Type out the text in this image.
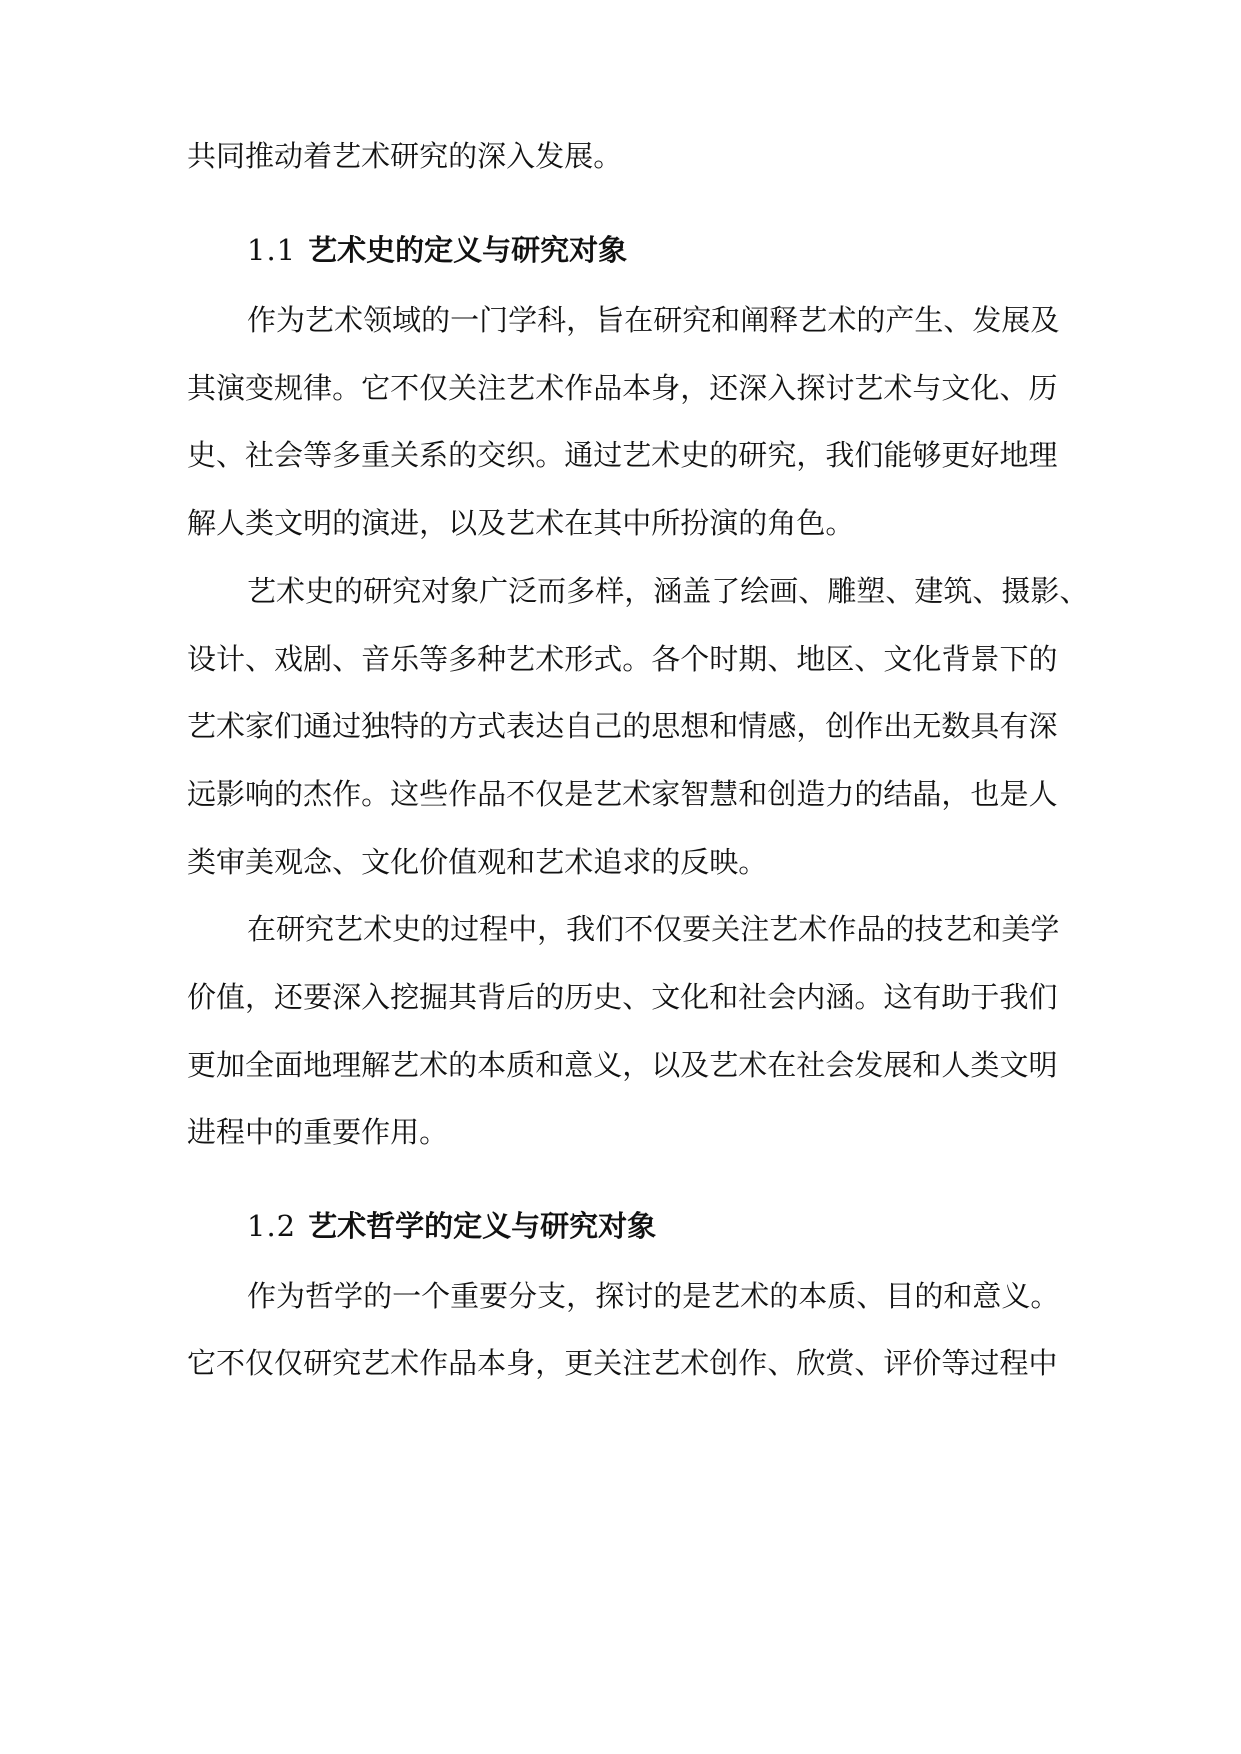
共 同 推 动 着 艺 术 研 究 的 深 入 发 展 。

1.1 艺术史的定义与研究对象

作 为 艺 术 领 域 的 一 门 学 科 ， 旨 在 研 究 和 阐 释 艺 术 的 产 生 、 发 展 及

其 演 变 规 律 。 它 不 仅 关 注 艺 术 作 品 本 身 ， 还 深 入 探 讨 艺 术 与 文 化 、 历

史 、 社 会 等 多 重 关 系 的 交 织 。 通 过 艺 术 史 的 研 究 ， 我 们 能 够 更 好 地 理

解 人 类 文 明 的 演 进 ， 以 及 艺 术 在 其 中 所 扮 演 的 角 色 。

艺 术 史 的 研 究 对 象 广 泛 而 多 样 ， 涵 盖 了 绘 画 、 雕 塑 、 建 筑 、 摄 影 、

设 计 、 戏 剧 、 音 乐 等 多 种 艺 术 形 式 。 各 个 时 期 、 地 区 、 文 化 背 景 下 的

艺 术 家 们 通 过 独 特 的 方 式 表 达 自 己 的 思 想 和 情 感 ， 创 作 出 无 数 具 有 深

远 影 响 的 杰 作 。 这 些 作 品 不 仅 是 艺 术 家 智 慧 和 创 造 力 的 结 晶 ， 也 是 人

类 审 美 观 念 、 文 化 价 值 观 和 艺 术 追 求 的 反 映 。

在 研 究 艺 术 史 的 过 程 中 ， 我 们 不 仅 要 关 注 艺 术 作 品 的 技 艺 和 美 学

价 值 ， 还 要 深 入 挖 掘 其 背 后 的 历 史 、 文 化 和 社 会 内 涵 。 这 有 助 于 我 们

更 加 全 面 地 理 解 艺 术 的 本 质 和 意 义 ， 以 及 艺 术 在 社 会 发 展 和 人 类 文 明

进 程 中 的 重 要 作 用 。

1.2 艺术哲学的定义与研究对象

作 为 哲 学 的 一 个 重 要 分 支 ， 探 讨 的 是 艺 术 的 本 质 、 目 的 和 意 义 。

它 不 仅 仅 研 究 艺 术 作 品 本 身 ， 更 关 注 艺 术 创 作 、 欣 赏 、 评 价 等 过 程 中
